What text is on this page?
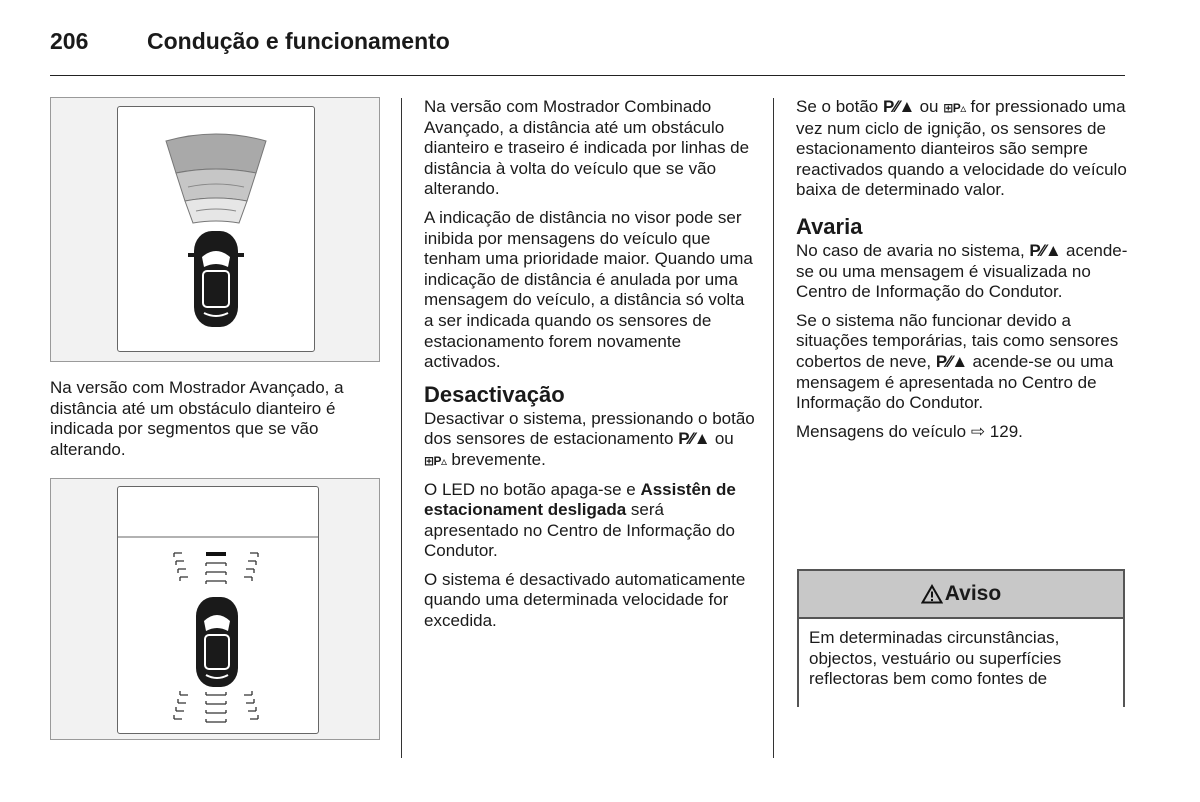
206	Condução e funcionamento

Na versão com Mostrador Avançado, a distância até um obstáculo dianteiro é indicada por segmentos que se vão alterando.

Na versão com Mostrador Combinado Avançado, a distância até um obstáculo dianteiro e traseiro é indicada por linhas de distância à volta do veículo que se vão alterando.

A indicação de distância no visor pode ser inibida por mensagens do veículo que tenham uma prioridade maior. Quando uma indicação de distância é anulada por uma mensagem do veículo, a distância só volta a ser indicada quando os sensores de estacionamento forem novamente activados.

Desactivação

Desactivar o sistema, pressionando o botão dos sensores de estacionamento P⁄⁄▲ ou ⊞P▵ brevemente.

O LED no botão apaga-se e Assistên de estacionament desligada será apresentado no Centro de Informação do Condutor.

O sistema é desactivado automaticamente quando uma determinada velocidade for excedida.

Se o botão P⁄⁄▲ ou ⊞P▵ for pressionado uma vez num ciclo de ignição, os sensores de estacionamento dianteiros são sempre reactivados quando a velocidade do veículo baixa de determinado valor.

Avaria

No caso de avaria no sistema, P⁄⁄▲ acende-se ou uma mensagem é visualizada no Centro de Informação do Condutor.

Se o sistema não funcionar devido a situações temporárias, tais como sensores cobertos de neve, P⁄⁄▲ acende-se ou uma mensagem é apresentada no Centro de Informação do Condutor.

Mensagens do veículo ⇨ 129.

Aviso
Em determinadas circunstâncias, objectos, vestuário ou superfícies reflectoras bem como fontes de
